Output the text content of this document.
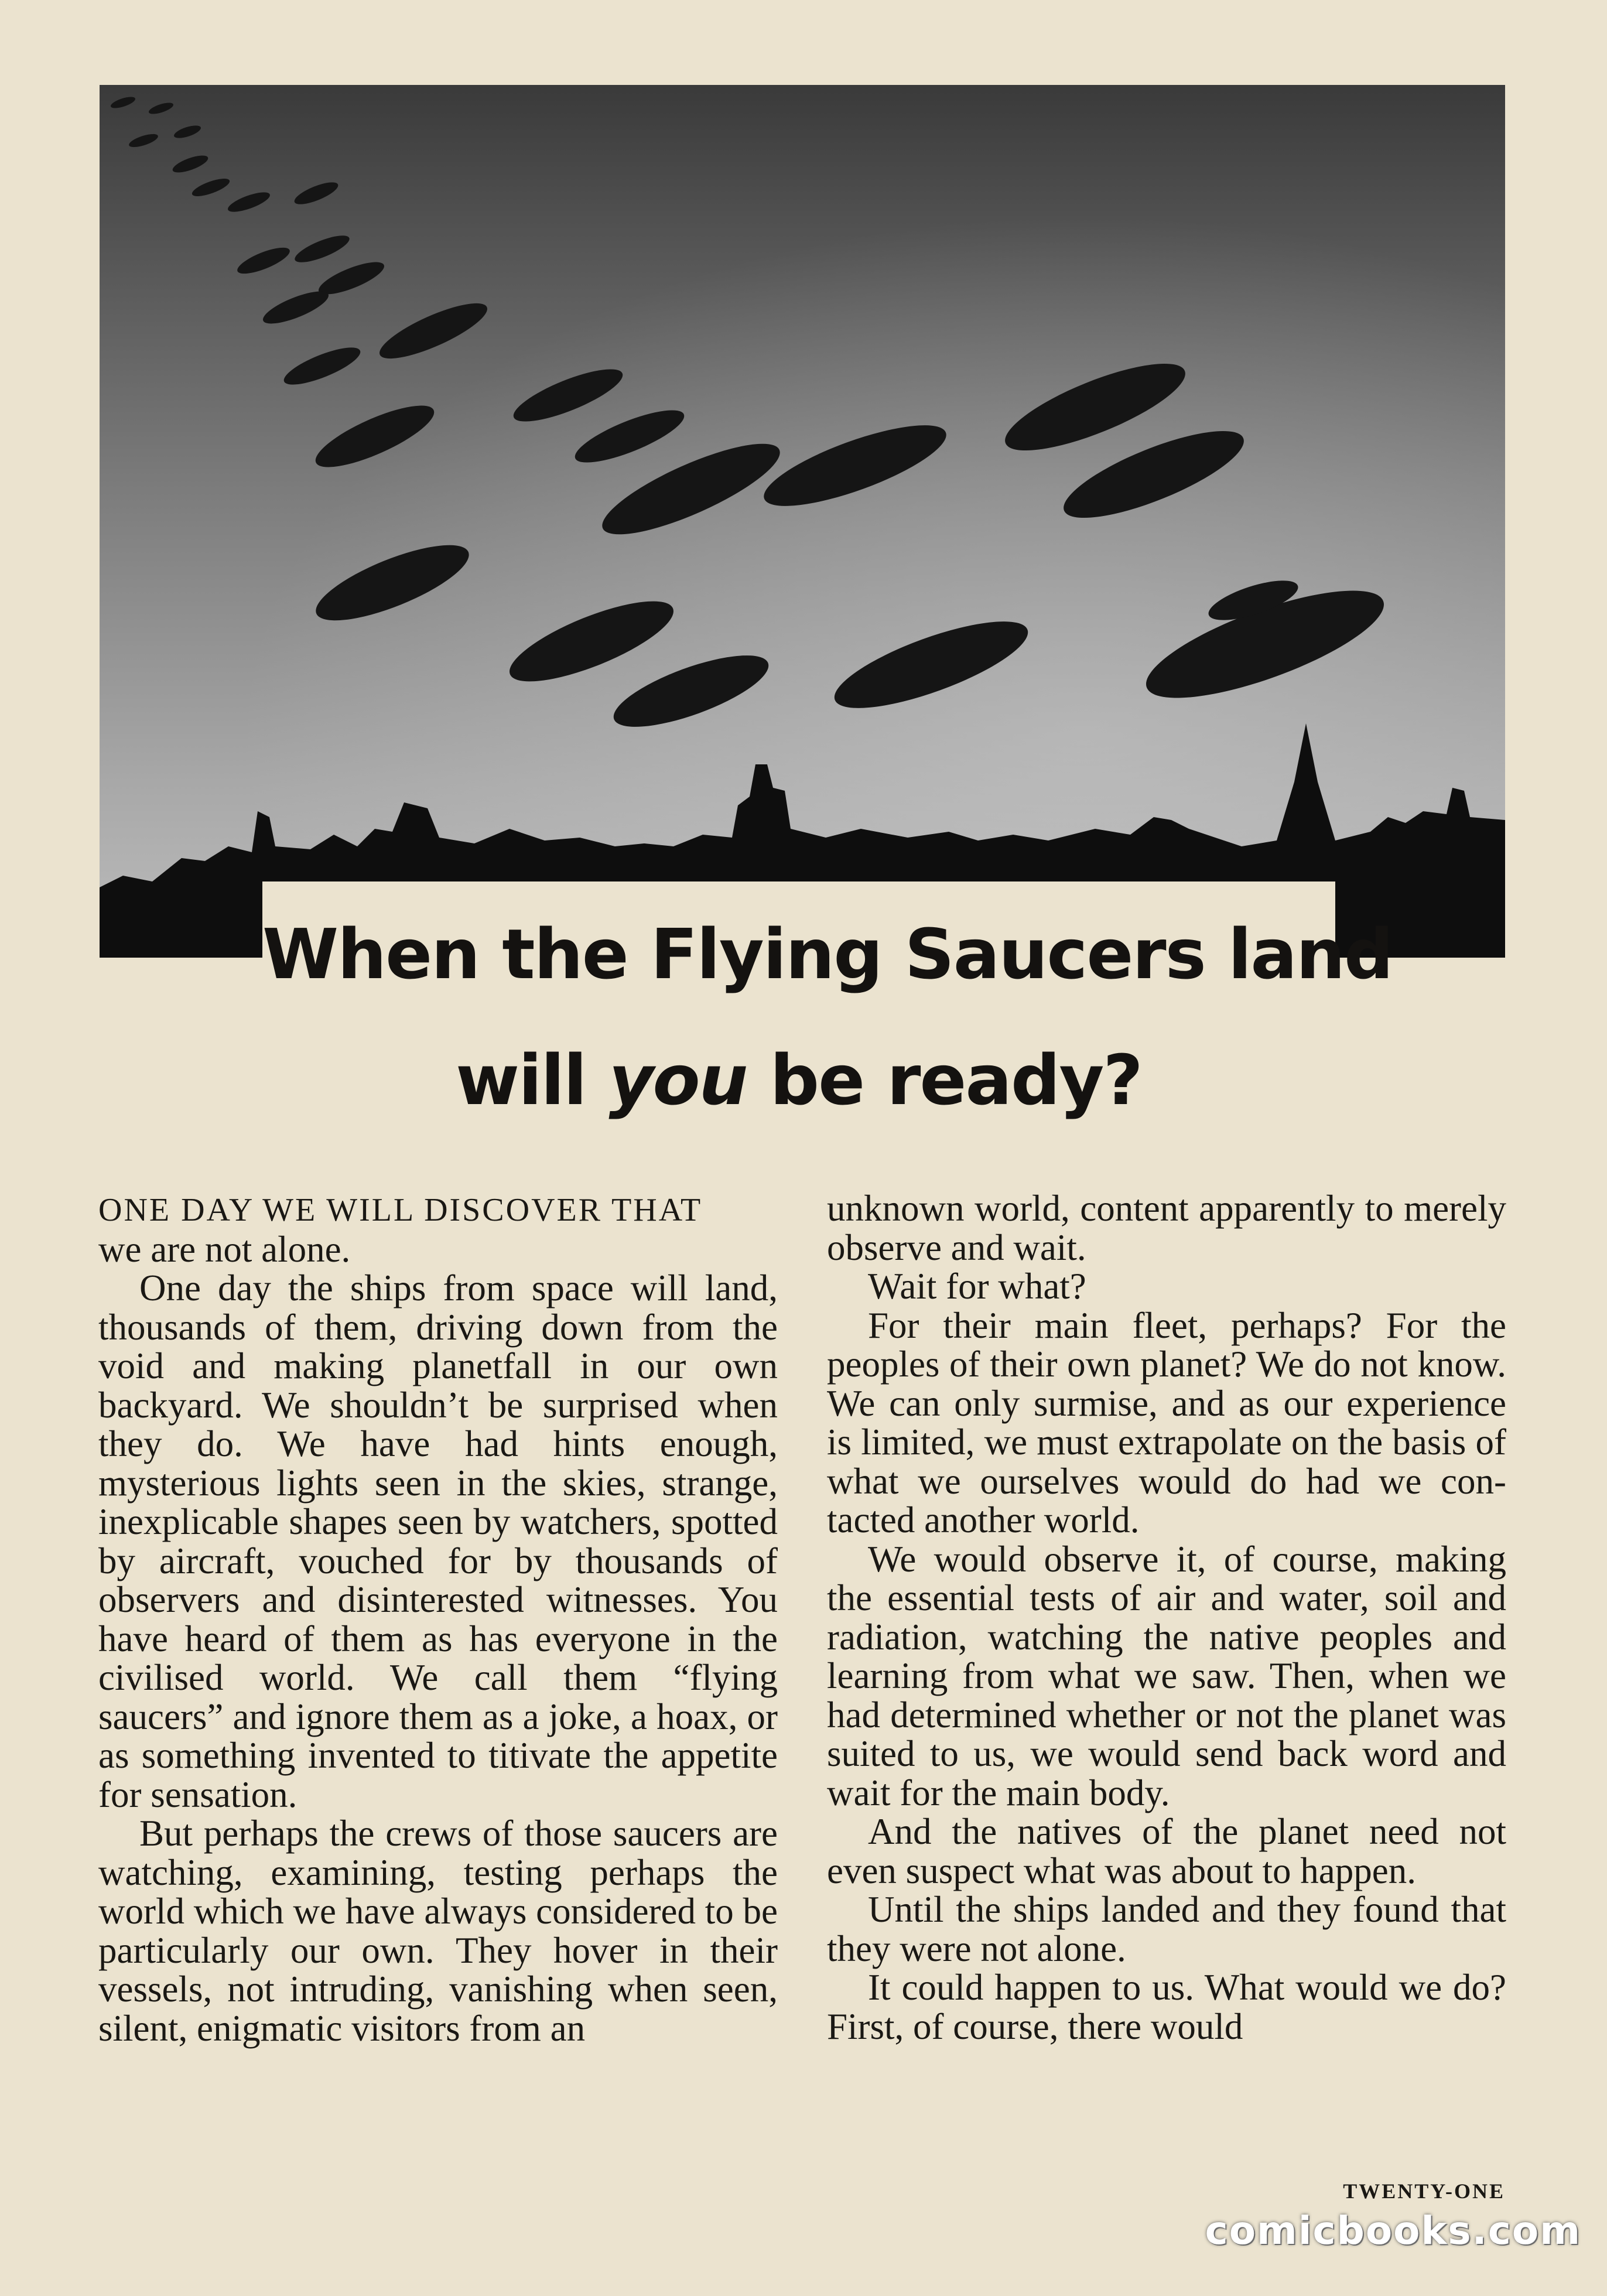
When the Flying Saucers land
will you be ready?

ONE DAY WE WILL DISCOVER THAT
we are not alone.

One day the ships from space will land, thousands of them, driving down from the void and making planetfall in our own backyard. We shouldn’t be surprised when they do. We have had hints enough, mysterious lights seen in the skies, strange, inexplicable shapes seen by watchers, spotted by aircraft, vouched for by thousands of observers and disinterested witnesses. You have heard of them as has everyone in the civilised world. We call them “flying saucers” and ignore them as a joke, a hoax, or as something invented to titivate the appetite for sensation.

But perhaps the crews of those saucers are watching, examining, testing perhaps the world which we have always considered to be particularly our own. They hover in their vessels, not intruding, vanishing when seen, silent, enigmatic visitors from an

unknown world, content apparently to merely observe and wait.

Wait for what?

For their main fleet, perhaps? For the peoples of their own planet? We do not know. We can only surmise, and as our experience is limited, we must extrapolate on the basis of what we ourselves would do had we contacted another world.

We would observe it, of course, making the essential tests of air and water, soil and radiation, watching the native peoples and learning from what we saw. Then, when we had determined whether or not the planet was suited to us, we would send back word and wait for the main body.

And the natives of the planet need not even suspect what was about to happen.

Until the ships landed and they found that they were not alone.

It could happen to us. What would we do? First, of course, there would

TWENTY-ONE
comicbooks.com
